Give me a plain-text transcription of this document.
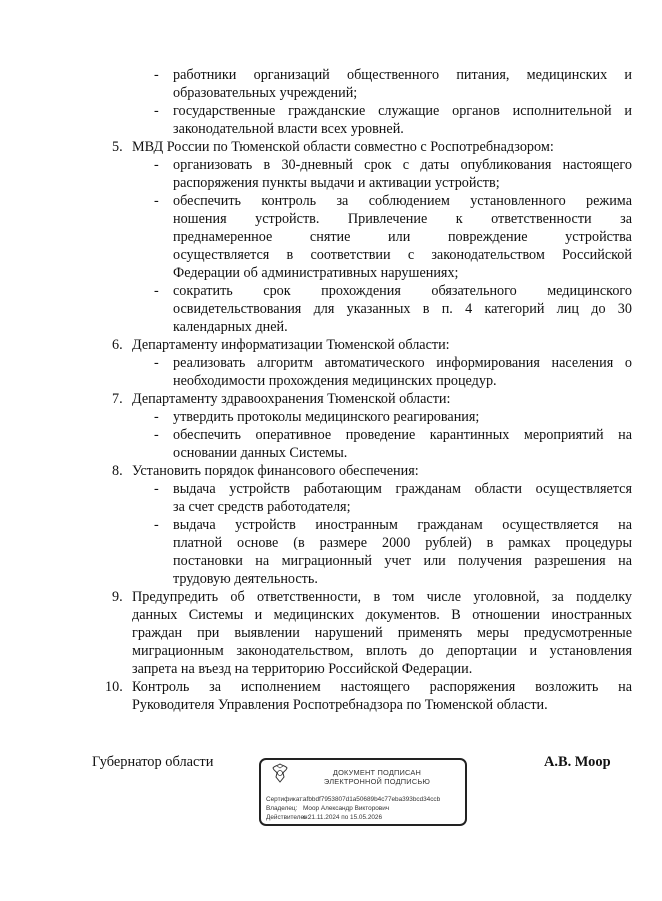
работники организаций общественного питания, медицинских и
образовательных учреждений;
государственные гражданские служащие органов исполнительной и
законодательной власти всех уровней.
МВД России по Тюменской области совместно с Роспотребнадзором:
организовать в 30-дневный срок с даты опубликования настоящего
распоряжения пункты выдачи и активации устройств;
обеспечить контроль за соблюдением установленного режима
ношения устройств. Привлечение к ответственности за
преднамеренное снятие или повреждение устройства
осуществляется в соответствии с законодательством Российской
Федерации об административных нарушениях;
сократить срок прохождения обязательного медицинского
освидетельствования для указанных в п. 4 категорий лиц до 30
календарных дней.
Департаменту информатизации Тюменской области:
реализовать алгоритм автоматического информирования населения о
необходимости прохождения медицинских процедур.
Департаменту здравоохранения Тюменской области:
утвердить протоколы медицинского реагирования;
обеспечить оперативное проведение карантинных мероприятий на
основании данных Системы.
Установить порядок финансового обеспечения:
выдача устройств работающим гражданам области осуществляется
за счет средств работодателя;
выдача устройств иностранным гражданам осуществляется на
платной основе (в размере 2000 рублей) в рамках процедуры
постановки на миграционный учет или получения разрешения на
трудовую деятельность.
Предупредить об ответственности, в том числе уголовной, за подделку
данных Системы и медицинских документов. В отношении иностранных
граждан при выявлении нарушений применять меры предусмотренные
миграционным законодательством, вплоть до депортации и установления
запрета на въезд на территорию Российской Федерации.
Контроль за исполнением настоящего распоряжения возложить на
Руководителя Управления Роспотребнадзора по Тюменской области.
-
-
-
-
-
-
-
-
-
-
5.
6.
7.
8.
9.
10.
Губернатор области	А.В. Моор
ДОКУМЕНТ ПОДПИСАН
ЭЛЕКТРОННОЙ ПОДПИСЬЮ
Сертификат:afbbdf7953807d1a50689b4c77eba393bcd34ccb
Владелец: Моор Александр Викторович
Действителен:с 21.11.2024 по 15.05.2026
